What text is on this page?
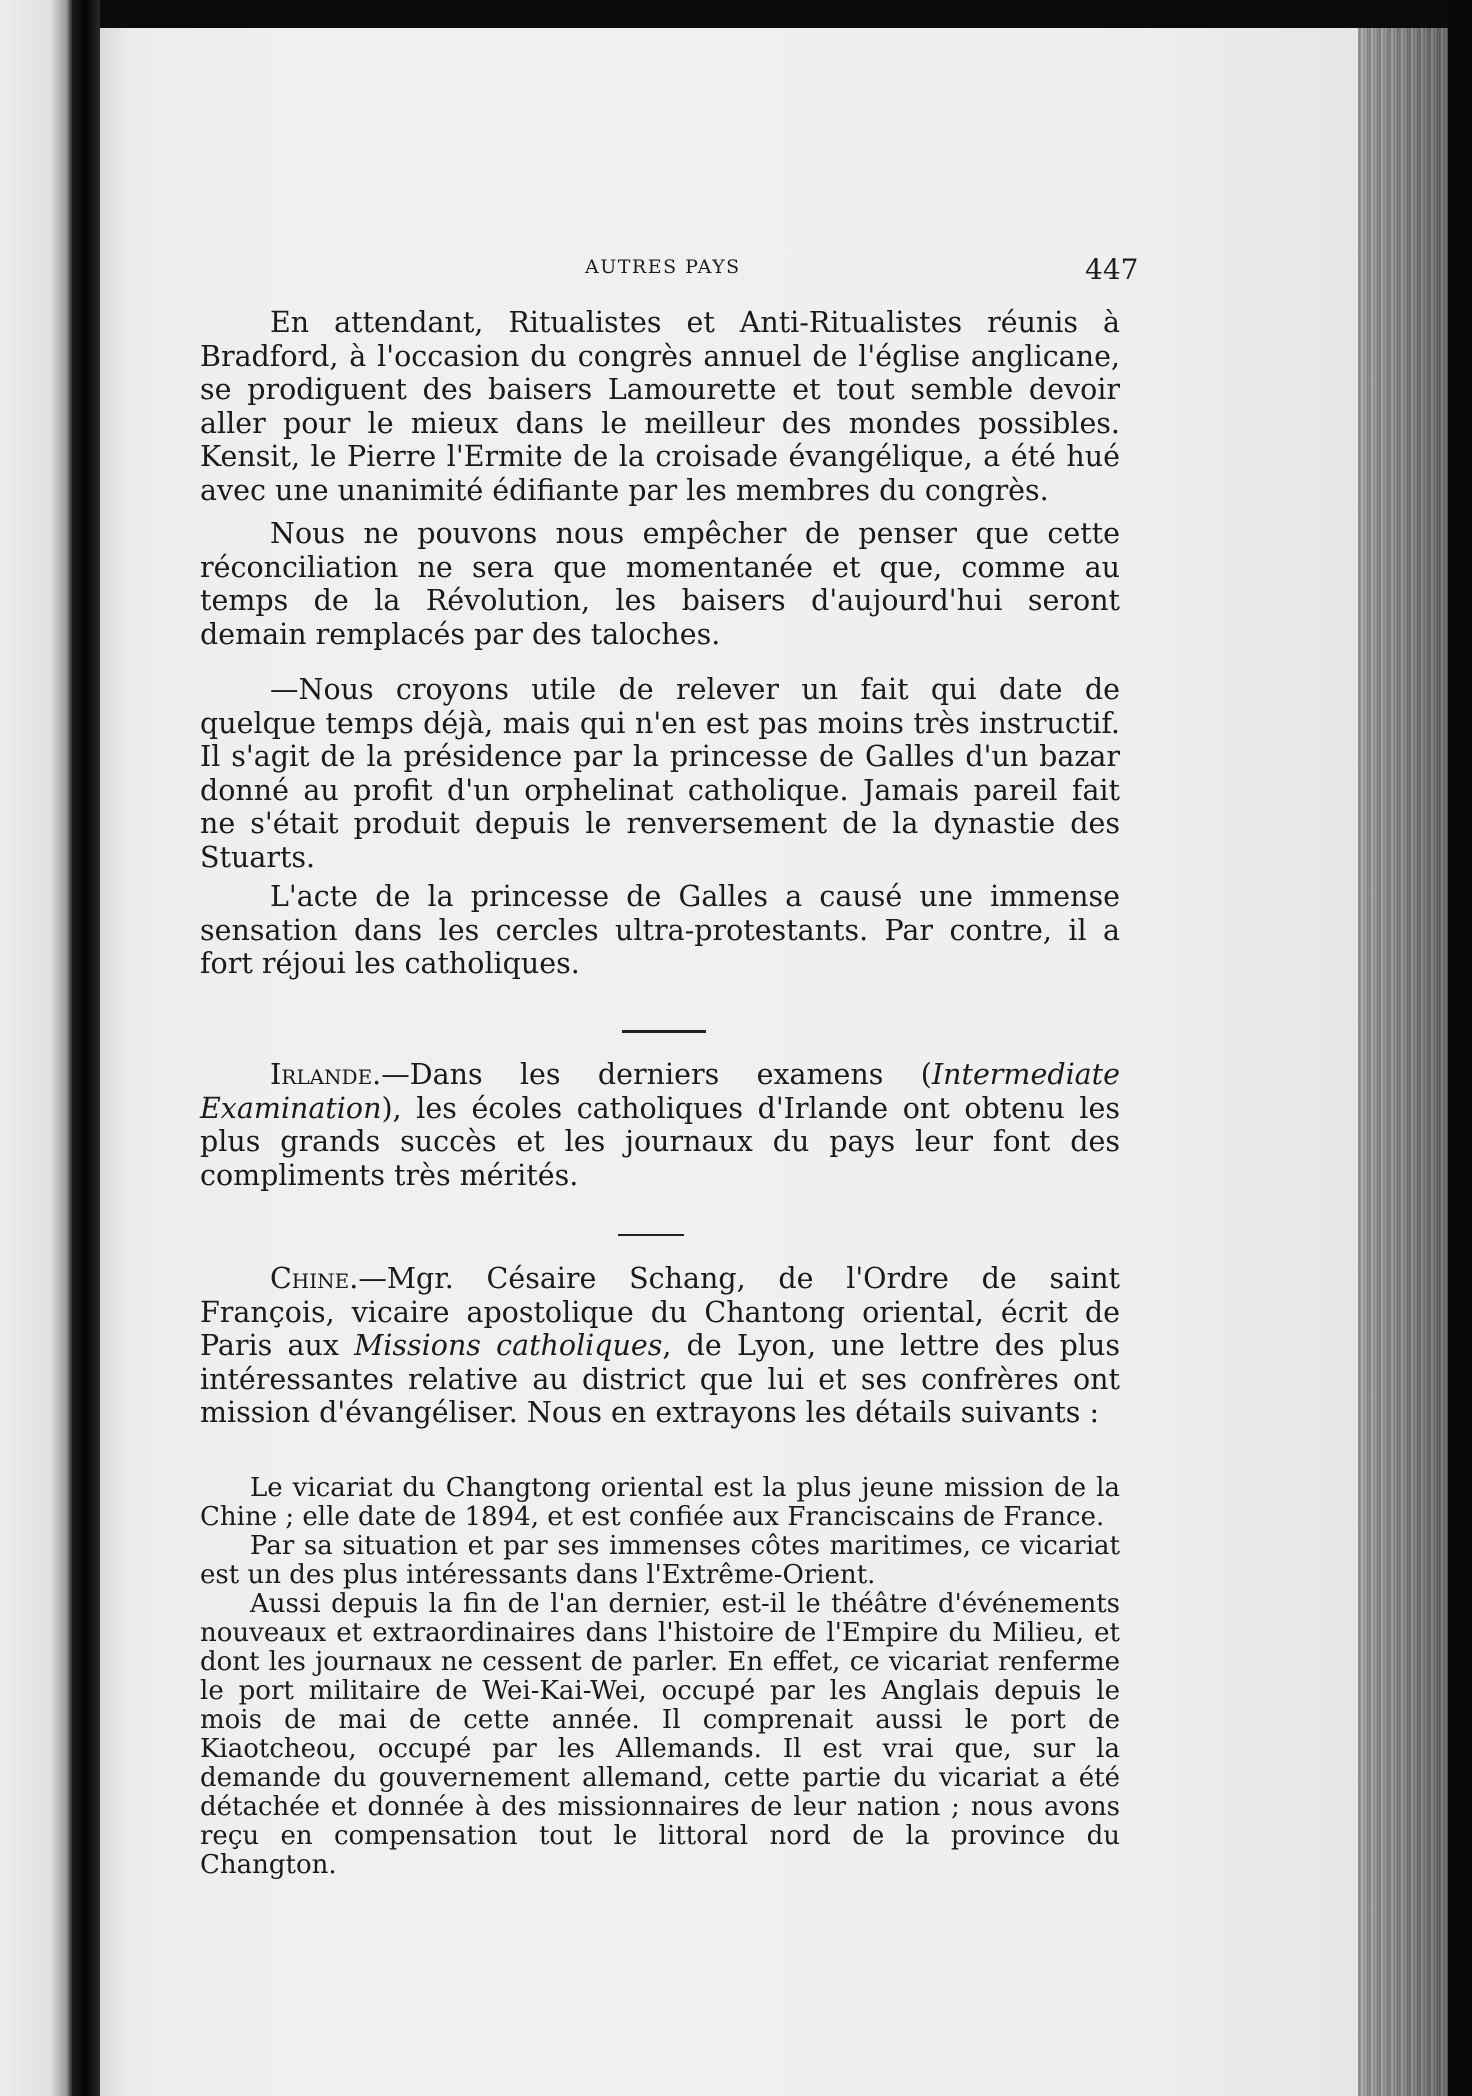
AUTRES PAYS	447

En attendant, Ritualistes et Anti-Ritualistes réunis à Bradford, à l'occasion du congrès annuel de l'église anglicane, se prodiguent des baisers Lamourette et tout semble devoir aller pour le mieux dans le meilleur des mondes possibles. Kensit, le Pierre l'Ermite de la croisade évangélique, a été hué avec une unanimité édifiante par les membres du congrès.

Nous ne pouvons nous empêcher de penser que cette réconciliation ne sera que momentanée et que, comme au temps de la Révolution, les baisers d'aujourd'hui seront demain remplacés par des taloches.

—Nous croyons utile de relever un fait qui date de quelque temps déjà, mais qui n'en est pas moins très instructif. Il s'agit de la présidence par la princesse de Galles d'un bazar donné au profit d'un orphelinat catholique. Jamais pareil fait ne s'était produit depuis le renversement de la dynastie des Stuarts.

L'acte de la princesse de Galles a causé une immense sensation dans les cercles ultra-protestants. Par contre, il a fort réjoui les catholiques.

Irlande.—Dans les derniers examens (Intermediate Examination), les écoles catholiques d'Irlande ont obtenu les plus grands succès et les journaux du pays leur font des compliments très mérités.

Chine.—Mgr. Césaire Schang, de l'Ordre de saint François, vicaire apostolique du Chantong oriental, écrit de Paris aux Missions catholiques, de Lyon, une lettre des plus intéressantes relative au district que lui et ses confrères ont mission d'évangéliser. Nous en extrayons les détails suivants :

Le vicariat du Changtong oriental est la plus jeune mission de la Chine ; elle date de 1894, et est confiée aux Franciscains de France.

Par sa situation et par ses immenses côtes maritimes, ce vicariat est un des plus intéressants dans l'Extrême-Orient.

Aussi depuis la fin de l'an dernier, est-il le théâtre d'événements nouveaux et extraordinaires dans l'histoire de l'Empire du Milieu, et dont les journaux ne cessent de parler. En effet, ce vicariat renferme le port militaire de Wei-Kai-Wei, occupé par les Anglais depuis le mois de mai de cette année. Il comprenait aussi le port de Kiaotcheou, occupé par les Allemands. Il est vrai que, sur la demande du gouvernement allemand, cette partie du vicariat a été détachée et donnée à des missionnaires de leur nation ; nous avons reçu en compensation tout le littoral nord de la province du Changton.
